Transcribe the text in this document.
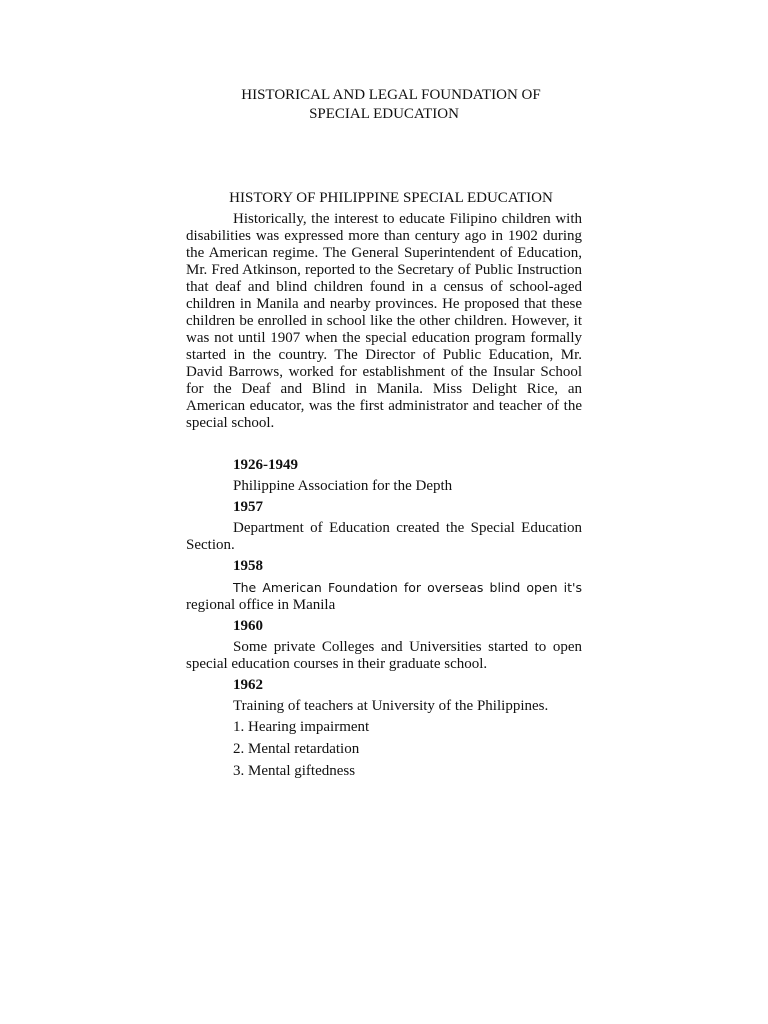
HISTORICAL AND LEGAL FOUNDATION OF
SPECIAL EDUCATION
HISTORY OF PHILIPPINE SPECIAL EDUCATION

Historically, the interest to educate Filipino children with disabilities was expressed more than century ago in 1902 during the American regime. The General Superintendent of Education, Mr. Fred Atkinson, reported to the Secretary of Public Instruction that deaf and blind children found in a census of school-aged children in Manila and nearby provinces. He proposed that these children be enrolled in school like the other children. However, it was not until 1907 when the special education program formally started in the country. The Director of Public Education, Mr. David Barrows, worked for establishment of the Insular School for the Deaf and Blind in Manila. Miss Delight Rice, an American educator, was the first administrator and teacher of the special school.

1926-1949

Philippine Association for the Depth

1957

Department of Education created the Special Education Section.

1958

The American Foundation for overseas blind open it's regional office in Manila

1960

Some private Colleges and Universities started to open special education courses in their graduate school.

1962

Training of teachers at University of the Philippines.

1. Hearing impairment
2. Mental retardation
3. Mental giftedness
